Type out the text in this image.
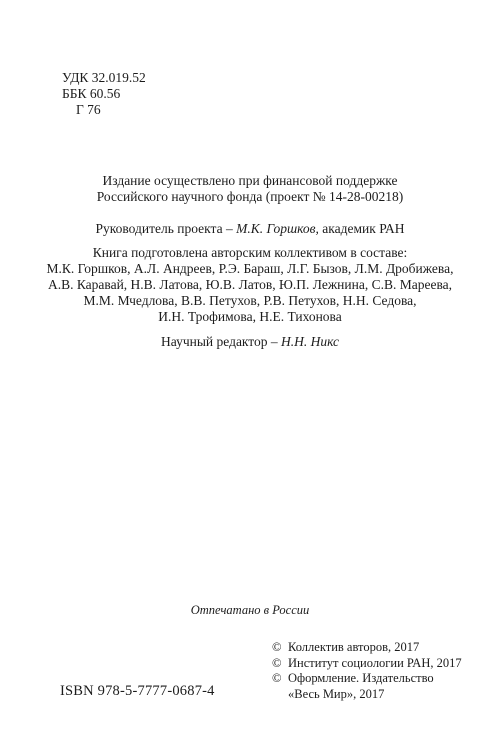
УДК 32.019.52
ББК 60.56
Г 76
Издание осуществлено при финансовой поддержке
Российского научного фонда (проект № 14-28-00218)
Руководитель проекта – М.К. Горшков, академик РАН
Книга подготовлена авторским коллективом в составе:
М.К. Горшков, А.Л. Андреев, Р.Э. Бараш, Л.Г. Бызов, Л.М. Дробижева,
А.В. Каравай, Н.В. Латова, Ю.В. Латов, Ю.П. Лежнина, С.В. Мареева,
М.М. Мчедлова, В.В. Петухов, Р.В. Петухов, Н.Н. Седова,
И.Н. Трофимова, Н.Е. Тихонова
Научный редактор – Н.Н. Никс
Отпечатано в России
© Коллектив авторов, 2017
© Институт социологии РАН, 2017
© Оформление. Издательство
«Весь Мир», 2017
ISBN 978-5-7777-0687-4
